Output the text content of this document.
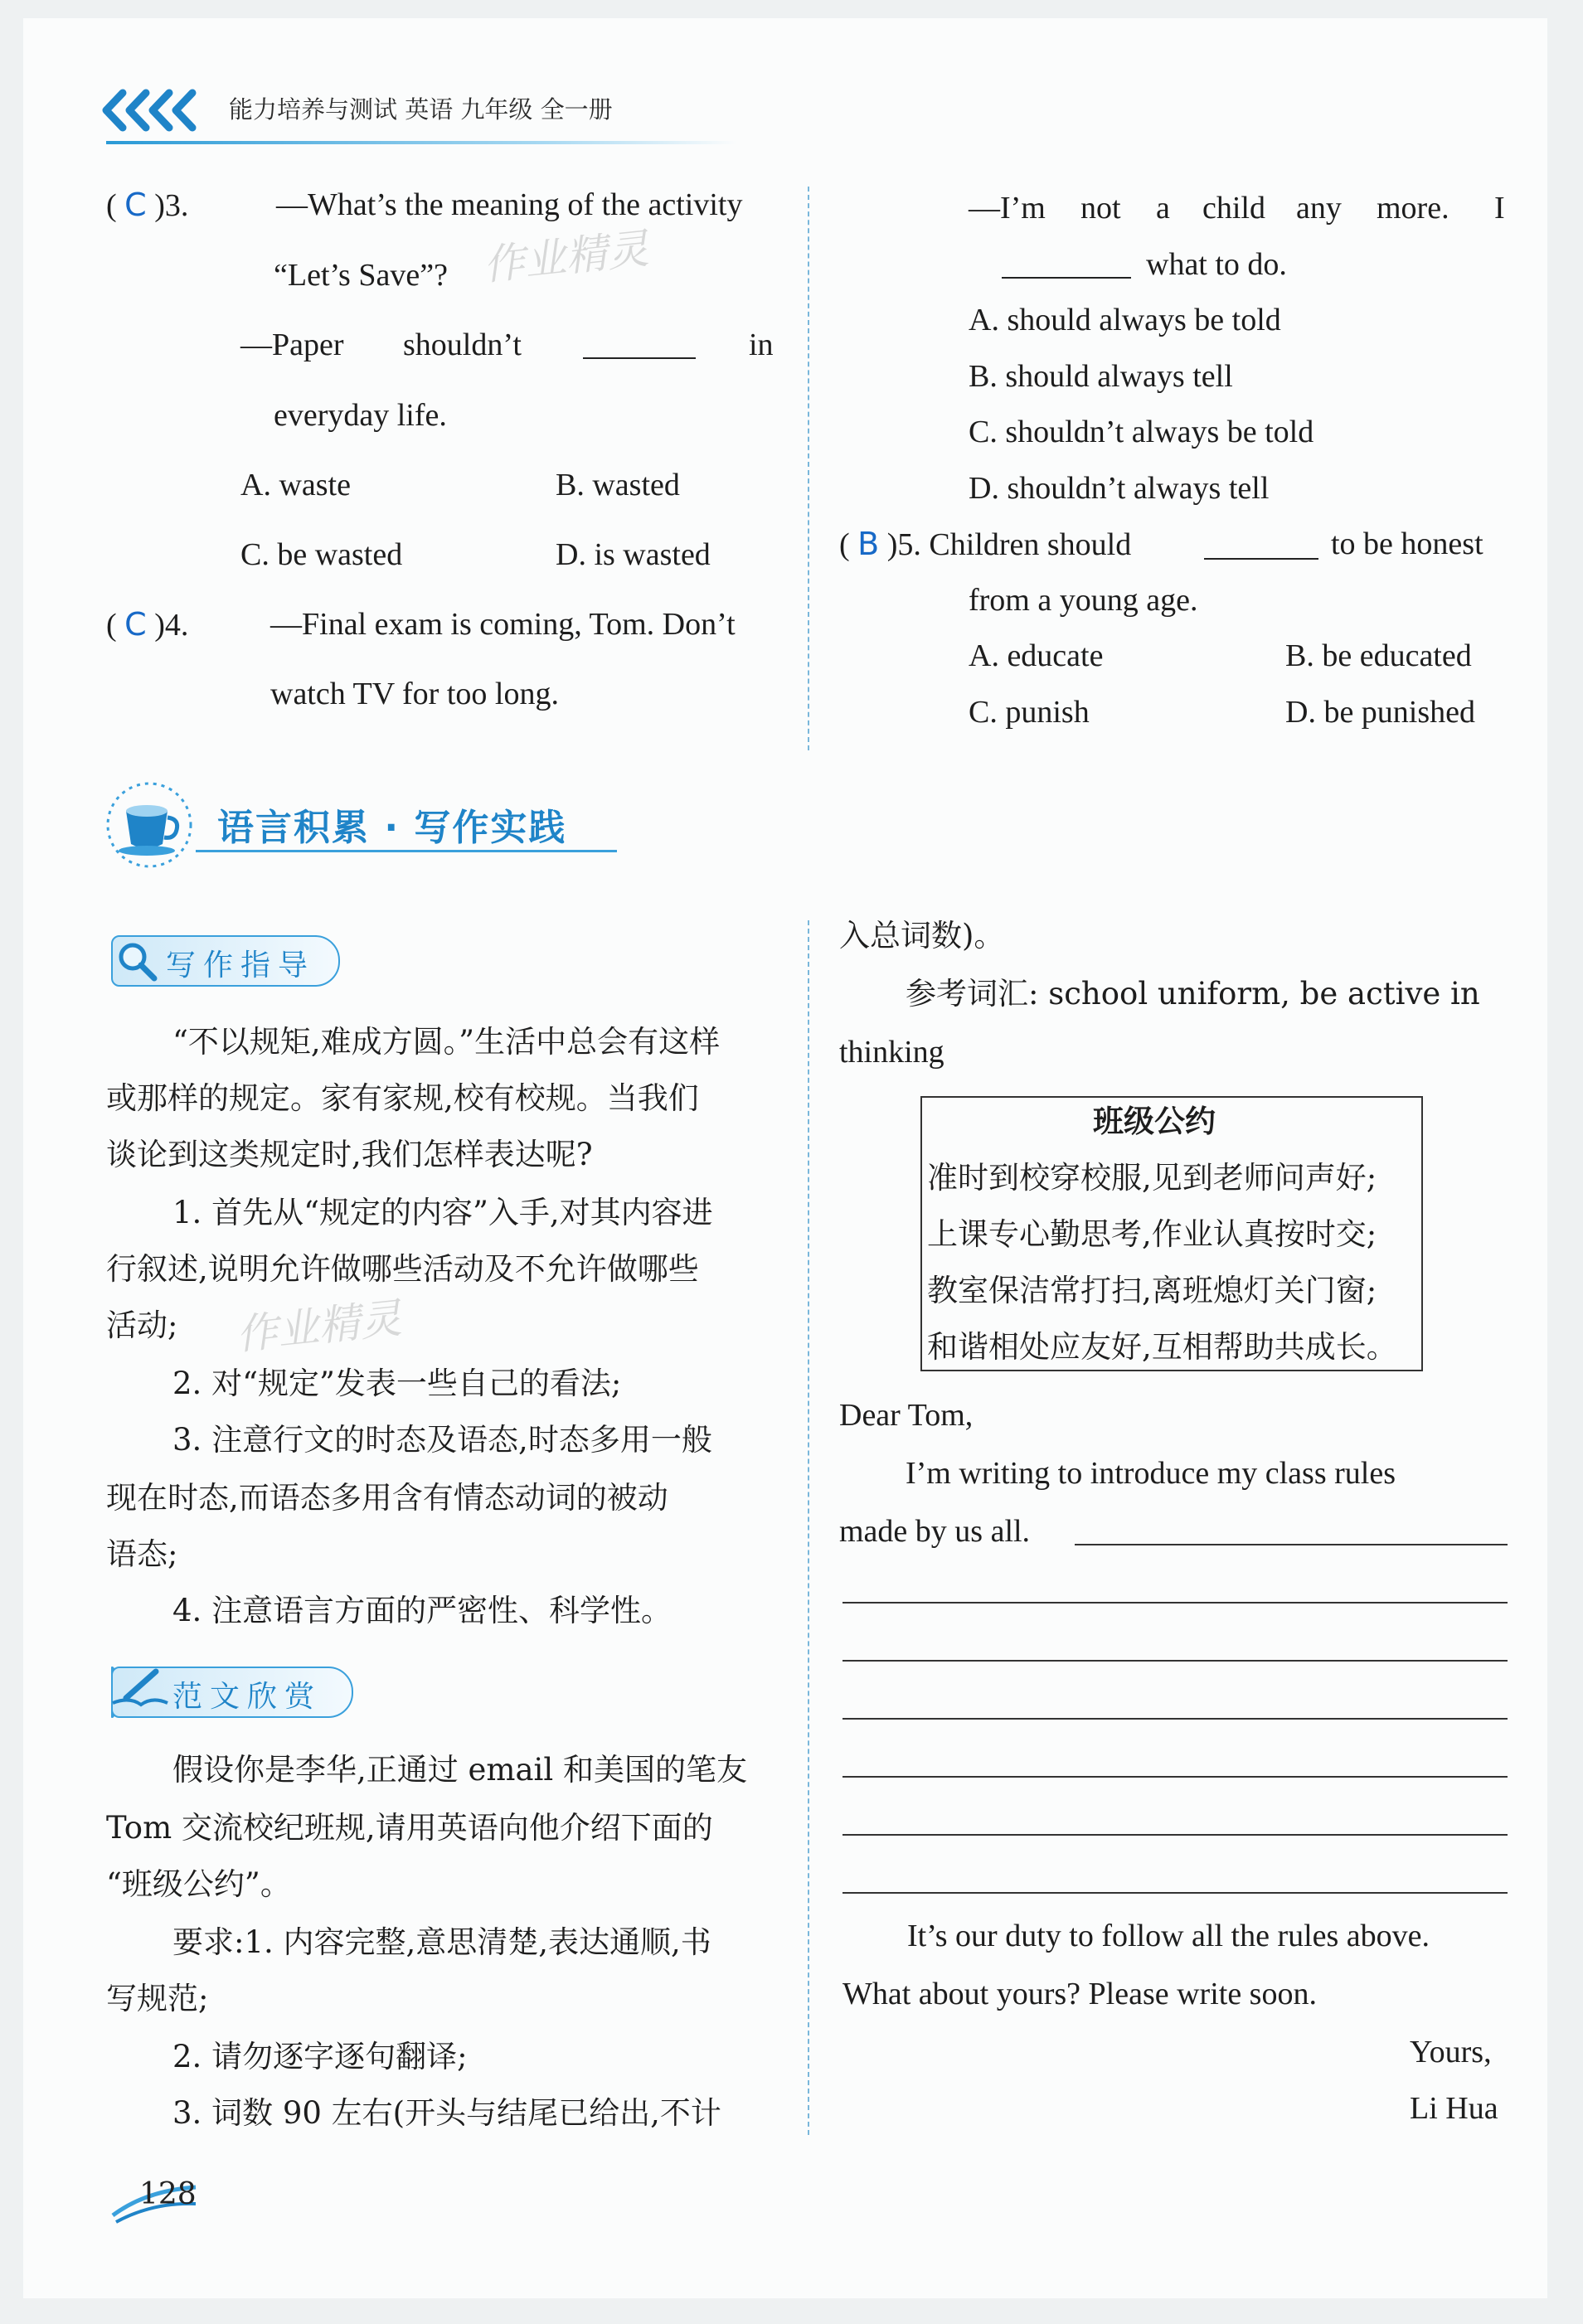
能力培养与测试 英语 九年级 全一册
( C )3.	—What’s the meaning of the activity
“Let’s Save”?
—Paper shouldn’t	in
everyday life.
A. waste	B. wasted
C. be wasted	D. is wasted
( C )4.	—Final exam is coming, Tom. Don’t
watch TV for too long.
—I’m not a child any more. I
what to do.
A. should always be told
B. should always tell
C. shouldn’t always be told
D. shouldn’t always tell
( B )5. Children should	to be honest
from a young age.
A. educate	B. be educated
C. punish	D. be punished
语言积累 · 写作实践
写作指导
“不以规矩,难成方圆。”生活中总会有这样
或那样的规定。家有家规,校有校规。当我们
谈论到这类规定时,我们怎样表达呢?
1. 首先从“规定的内容”入手,对其内容进
行叙述,说明允许做哪些活动及不允许做哪些
活动;
2. 对“规定”发表一些自己的看法;
3. 注意行文的时态及语态,时态多用一般
现在时态,而语态多用含有情态动词的被动
语态;
4. 注意语言方面的严密性、科学性。
范文欣赏
假设你是李华,正通过 email 和美国的笔友
Tom 交流校纪班规,请用英语向他介绍下面的
“班级公约”。
要求:1. 内容完整,意思清楚,表达通顺,书
写规范;
2. 请勿逐字逐句翻译;
3. 词数 90 左右(开头与结尾已给出,不计
入总词数)。
参考词汇: school uniform, be active in
thinking
班级公约
准时到校穿校服,见到老师问声好;
上课专心勤思考,作业认真按时交;
教室保洁常打扫,离班熄灯关门窗;
和谐相处应友好,互相帮助共成长。
Dear Tom,
I’m writing to introduce my class rules
made by us all.
It’s our duty to follow all the rules above.
What about yours? Please write soon.
Yours,
Li Hua
作业精灵
作业精灵
128
